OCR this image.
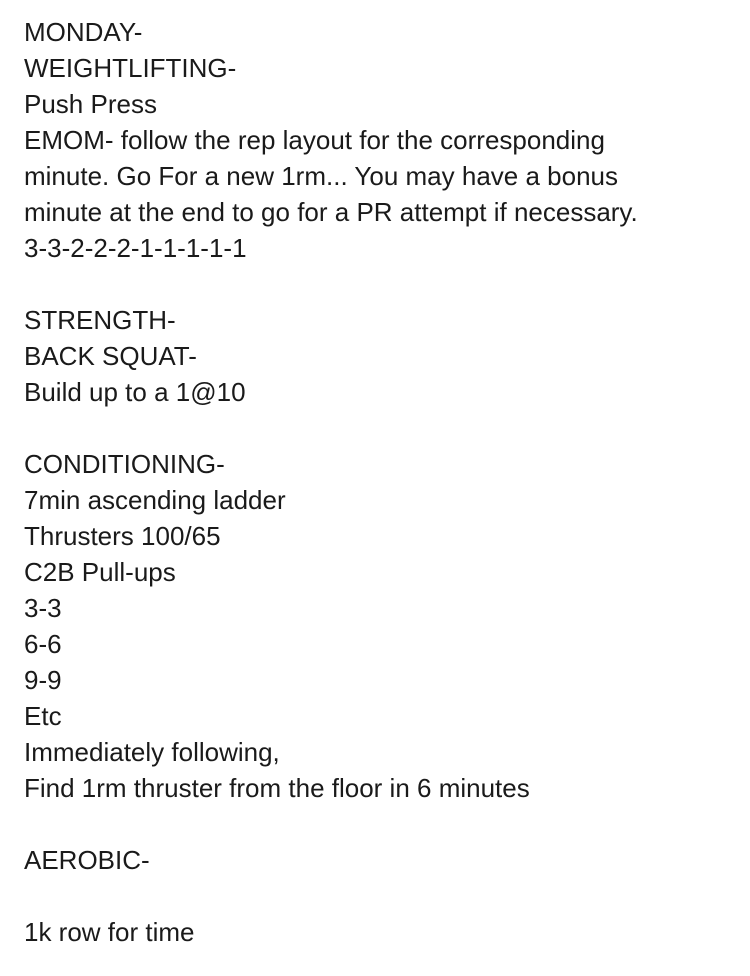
MONDAY-
WEIGHTLIFTING-
Push Press
EMOM- follow the rep layout for the corresponding
minute. Go For a new 1rm... You may have a bonus
minute at the end to go for a PR attempt if necessary.
3-3-2-2-2-1-1-1-1-1
STRENGTH-
BACK SQUAT-
Build up to a 1@10
CONDITIONING-
7min ascending ladder
Thrusters 100/65
C2B Pull-ups
3-3
6-6
9-9
Etc
Immediately following,
Find 1rm thruster from the floor in 6 minutes
AEROBIC-
1k row for time
